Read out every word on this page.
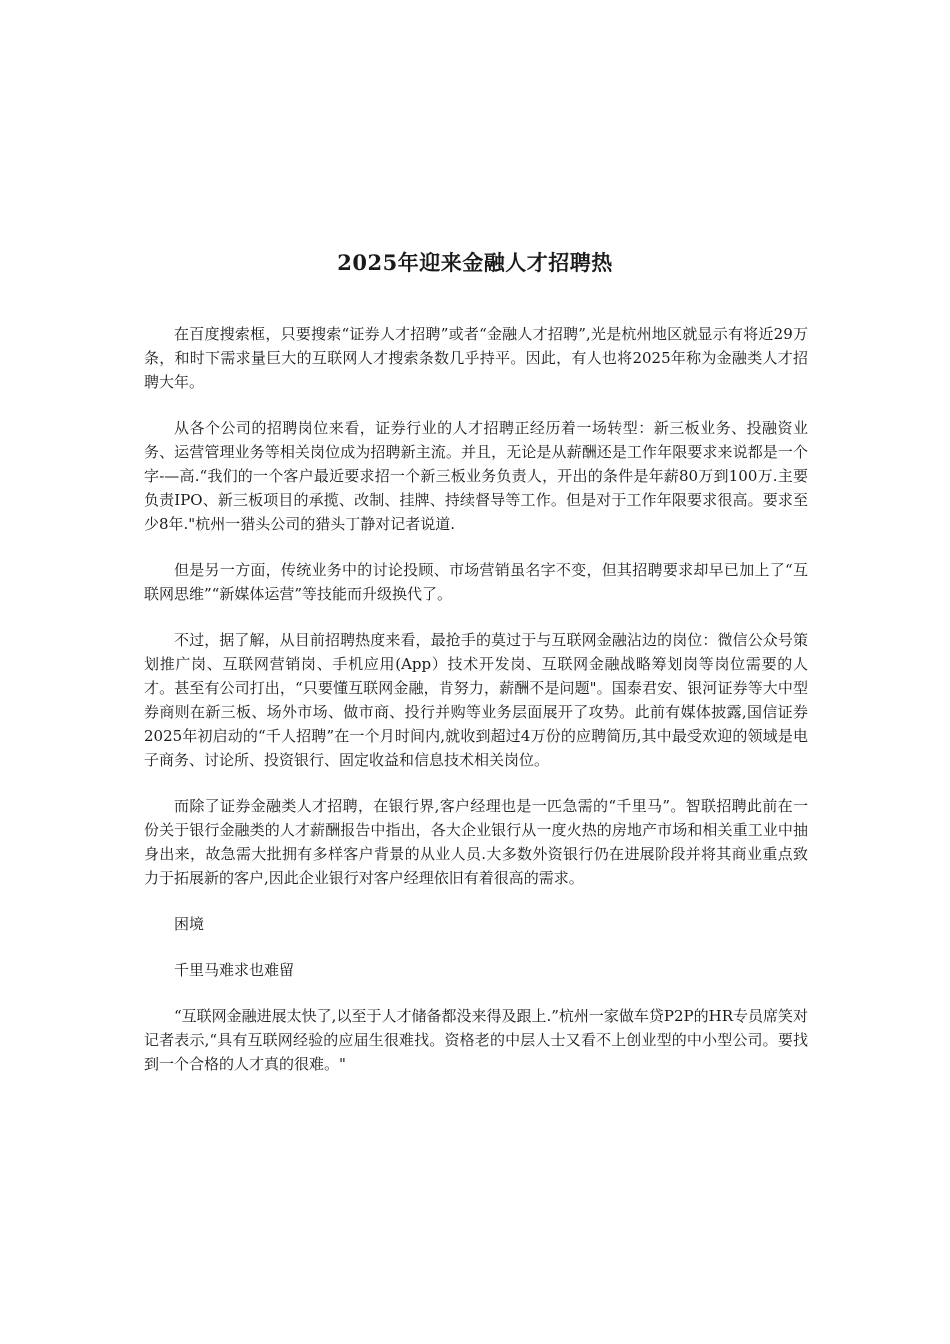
2025年迎来金融人才招聘热

在百度搜索框，只要搜索“证券人才招聘”或者“金融人才招聘”,光是杭州地区就显示有将近29万条，和时下需求量巨大的互联网人才搜索条数几乎持平。因此，有人也将2025年称为金融类人才招聘大年。

从各个公司的招聘岗位来看，证券行业的人才招聘正经历着一场转型：新三板业务、投融资业务、运营管理业务等相关岗位成为招聘新主流。并且，无论是从薪酬还是工作年限要求来说都是一个字-—高.“我们的一个客户最近要求招一个新三板业务负责人，开出的条件是年薪80万到100万.主要负责IPO、新三板项目的承揽、改制、挂牌、持续督导等工作。但是对于工作年限要求很高。要求至少8年."杭州一猎头公司的猎头丁静对记者说道.

但是另一方面，传统业务中的讨论投顾、市场营销虽名字不变，但其招聘要求却早已加上了“互联网思维”“新媒体运营”等技能而升级换代了。

不过，据了解，从目前招聘热度来看，最抢手的莫过于与互联网金融沾边的岗位：微信公众号策划推广岗、互联网营销岗、手机应用(App）技术开发岗、互联网金融战略筹划岗等岗位需要的人才。甚至有公司打出，“只要懂互联网金融，肯努力，薪酬不是问题"。国泰君安、银河证券等大中型券商则在新三板、场外市场、做市商、投行并购等业务层面展开了攻势。此前有媒体披露,国信证券2025年初启动的“千人招聘”在一个月时间内,就收到超过4万份的应聘简历,其中最受欢迎的领域是电子商务、讨论所、投资银行、固定收益和信息技术相关岗位。

而除了证券金融类人才招聘，在银行界,客户经理也是一匹急需的“千里马”。智联招聘此前在一份关于银行金融类的人才薪酬报告中指出，各大企业银行从一度火热的房地产市场和相关重工业中抽身出来，故急需大批拥有多样客户背景的从业人员.大多数外资银行仍在进展阶段并将其商业重点致力于拓展新的客户,因此企业银行对客户经理依旧有着很高的需求。

困境

千里马难求也难留

“互联网金融进展太快了,以至于人才储备都没来得及跟上.”杭州一家做车贷P2P的HR专员席笑对记者表示,“具有互联网经验的应届生很难找。资格老的中层人士又看不上创业型的中小型公司。要找到一个合格的人才真的很难。"
